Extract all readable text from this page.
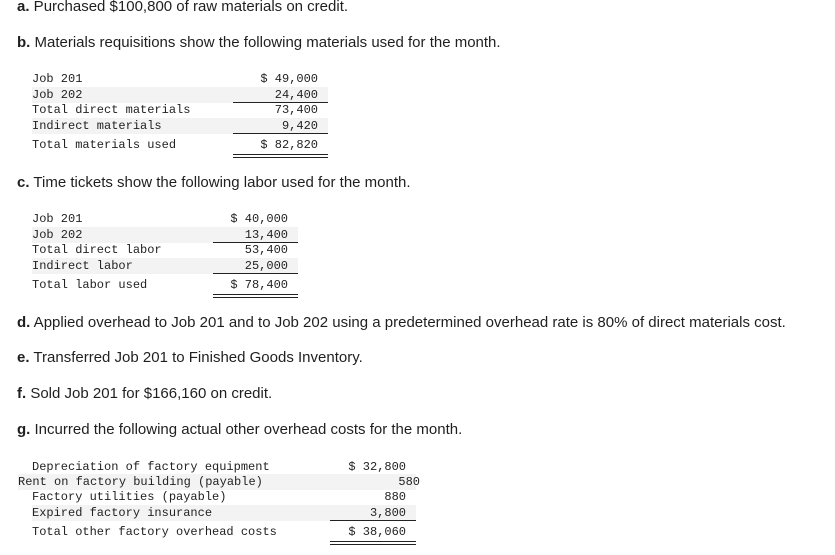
a. Purchased $100,800 of raw materials on credit.

b. Materials requisitions show the following materials used for the month.

Job 201	$ 49,000
Job 202	24,400
Total direct materials	73,400
Indirect materials	9,420
Total materials used	$ 82,820

c. Time tickets show the following labor used for the month.

Job 201	$ 40,000
Job 202	13,400
Total direct labor	53,400
Indirect labor	25,000
Total labor used	$ 78,400

d. Applied overhead to Job 201 and to Job 202 using a predetermined overhead rate is 80% of direct materials cost.

e. Transferred Job 201 to Finished Goods Inventory.

f. Sold Job 201 for $166,160 on credit.

g. Incurred the following actual other overhead costs for the month.

Depreciation of factory equipment	$ 32,800
Rent on factory building (payable)	580
Factory utilities (payable)	880
Expired factory insurance	3,800
Total other factory overhead costs	$ 38,060
